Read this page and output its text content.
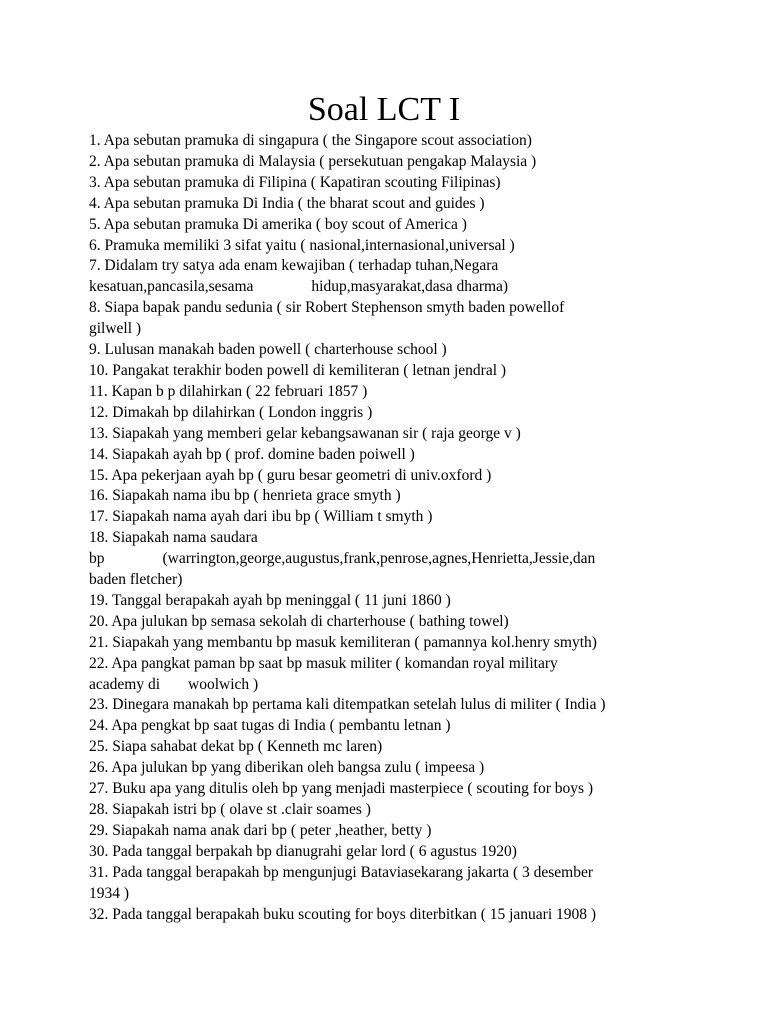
Soal LCT I
1. Apa sebutan pramuka di singapura ( the Singapore scout association)
2. Apa sebutan pramuka di Malaysia ( persekutuan pengakap Malaysia )
3. Apa sebutan pramuka di Filipina ( Kapatiran scouting Filipinas)
4. Apa sebutan pramuka Di India ( the bharat scout and guides )
5. Apa sebutan pramuka Di amerika ( boy scout of America )
6. Pramuka memiliki 3 sifat yaitu ( nasional,internasional,universal )
7. Didalam try satya ada enam kewajiban ( terhadap tuhan,Negara
kesatuan,pancasila,sesama	hidup,masyarakat,dasa dharma)
8. Siapa bapak pandu sedunia ( sir Robert Stephenson smyth baden powellof
gilwell )
9. Lulusan manakah baden powell ( charterhouse school )
10. Pangakat terakhir boden powell di kemiliteran ( letnan jendral )
11. Kapan b p dilahirkan ( 22 februari 1857 )
12. Dimakah bp dilahirkan ( London inggris )
13. Siapakah yang memberi gelar kebangsawanan sir ( raja george v )
14. Siapakah ayah bp ( prof. domine baden poiwell )
15. Apa pekerjaan ayah bp ( guru besar geometri di univ.oxford )
16. Siapakah nama ibu bp ( henrieta grace smyth )
17. Siapakah nama ayah dari ibu bp ( William t smyth )
18. Siapakah nama saudara
bp	(warrington,george,augustus,frank,penrose,agnes,Henrietta,Jessie,dan
baden fletcher)
19. Tanggal berapakah ayah bp meninggal ( 11 juni 1860 )
20. Apa julukan bp semasa sekolah di charterhouse ( bathing towel)
21. Siapakah yang membantu bp masuk kemiliteran ( pamannya kol.henry smyth)
22. Apa pangkat paman bp saat bp masuk militer ( komandan royal military
academy di woolwich )
23. Dinegara manakah bp pertama kali ditempatkan setelah lulus di militer ( India )
24. Apa pengkat bp saat tugas di India ( pembantu letnan )
25. Siapa sahabat dekat bp ( Kenneth mc laren)
26. Apa julukan bp yang diberikan oleh bangsa zulu ( impeesa )
27. Buku apa yang ditulis oleh bp yang menjadi masterpiece ( scouting for boys )
28. Siapakah istri bp ( olave st .clair soames )
29. Siapakah nama anak dari bp ( peter ,heather, betty )
30. Pada tanggal berpakah bp dianugrahi gelar lord ( 6 agustus 1920)
31. Pada tanggal berapakah bp mengunjugi Bataviasekarang jakarta ( 3 desember
1934 )
32. Pada tanggal berapakah buku scouting for boys diterbitkan ( 15 januari 1908 )
